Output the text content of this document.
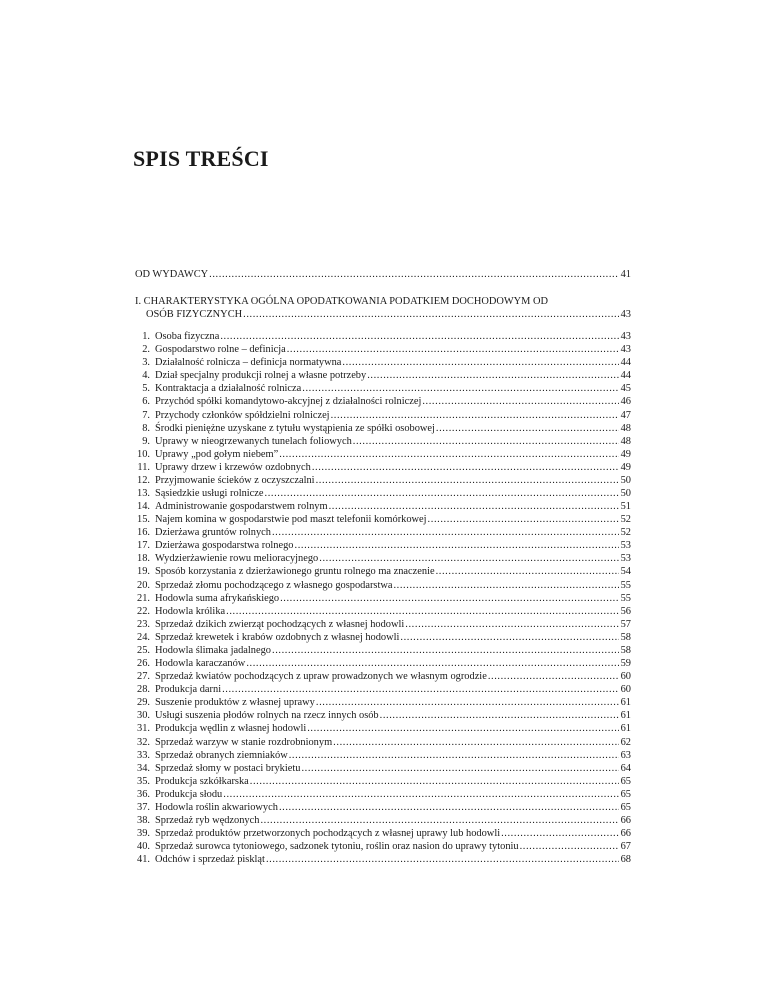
SPIS TREŚCI
OD WYDAWCY .....	41
I. CHARAKTERYSTYKA OGÓLNA OPODATKOWANIA PODATKIEM DOCHODOWYM OD
OSÓB FIZYCZNYCH .....	43
1. Osoba fizyczna .....	43
2. Gospodarstwo rolne – definicja .....	43
3. Działalność rolnicza – definicja normatywna .....	44
4. Dział specjalny produkcji rolnej a własne potrzeby .....	44
5. Kontraktacja a działalność rolnicza .....	45
6. Przychód spółki komandytowo-akcyjnej z działalności rolniczej .....	46
7. Przychody członków spółdzielni rolniczej .....	47
8. Środki pieniężne uzyskane z tytułu wystąpienia ze spółki osobowej .....	48
9. Uprawy w nieogrzewanych tunelach foliowych .....	48
10. Uprawy „pod gołym niebem” .....	49
11. Uprawy drzew i krzewów ozdobnych .....	49
12. Przyjmowanie ścieków z oczyszczalni .....	50
13. Sąsiedzkie usługi rolnicze .....	50
14. Administrowanie gospodarstwem rolnym .....	51
15. Najem komina w gospodarstwie pod maszt telefonii komórkowej .....	52
16. Dzierżawa gruntów rolnych .....	52
17. Dzierżawa gospodarstwa rolnego .....	53
18. Wydzierżawienie rowu melioracyjnego .....	53
19. Sposób korzystania z dzierżawionego gruntu rolnego ma znaczenie .....	54
20. Sprzedaż złomu pochodzącego z własnego gospodarstwa .....	55
21. Hodowla suma afrykańskiego .....	55
22. Hodowla królika .....	56
23. Sprzedaż dzikich zwierząt pochodzących z własnej hodowli .....	57
24. Sprzedaż krewetek i krabów ozdobnych z własnej hodowli .....	58
25. Hodowla ślimaka jadalnego .....	58
26. Hodowla karaczanów .....	59
27. Sprzedaż kwiatów pochodzących z upraw prowadzonych we własnym ogrodzie .....	60
28. Produkcja darni .....	60
29. Suszenie produktów z własnej uprawy .....	61
30. Usługi suszenia płodów rolnych na rzecz innych osób .....	61
31. Produkcja wędlin z własnej hodowli .....	61
32. Sprzedaż warzyw w stanie rozdrobnionym .....	62
33. Sprzedaż obranych ziemniaków .....	63
34. Sprzedaż słomy w postaci brykietu .....	64
35. Produkcja szkółkarska .....	65
36. Produkcja słodu .....	65
37. Hodowla roślin akwariowych .....	65
38. Sprzedaż ryb wędzonych .....	66
39. Sprzedaż produktów przetworzonych pochodzących z własnej uprawy lub hodowli .....	66
40. Sprzedaż surowca tytoniowego, sadzonek tytoniu, roślin oraz nasion do uprawy tytoniu .....	67
41. Odchów i sprzedaż piskląt .....	68
